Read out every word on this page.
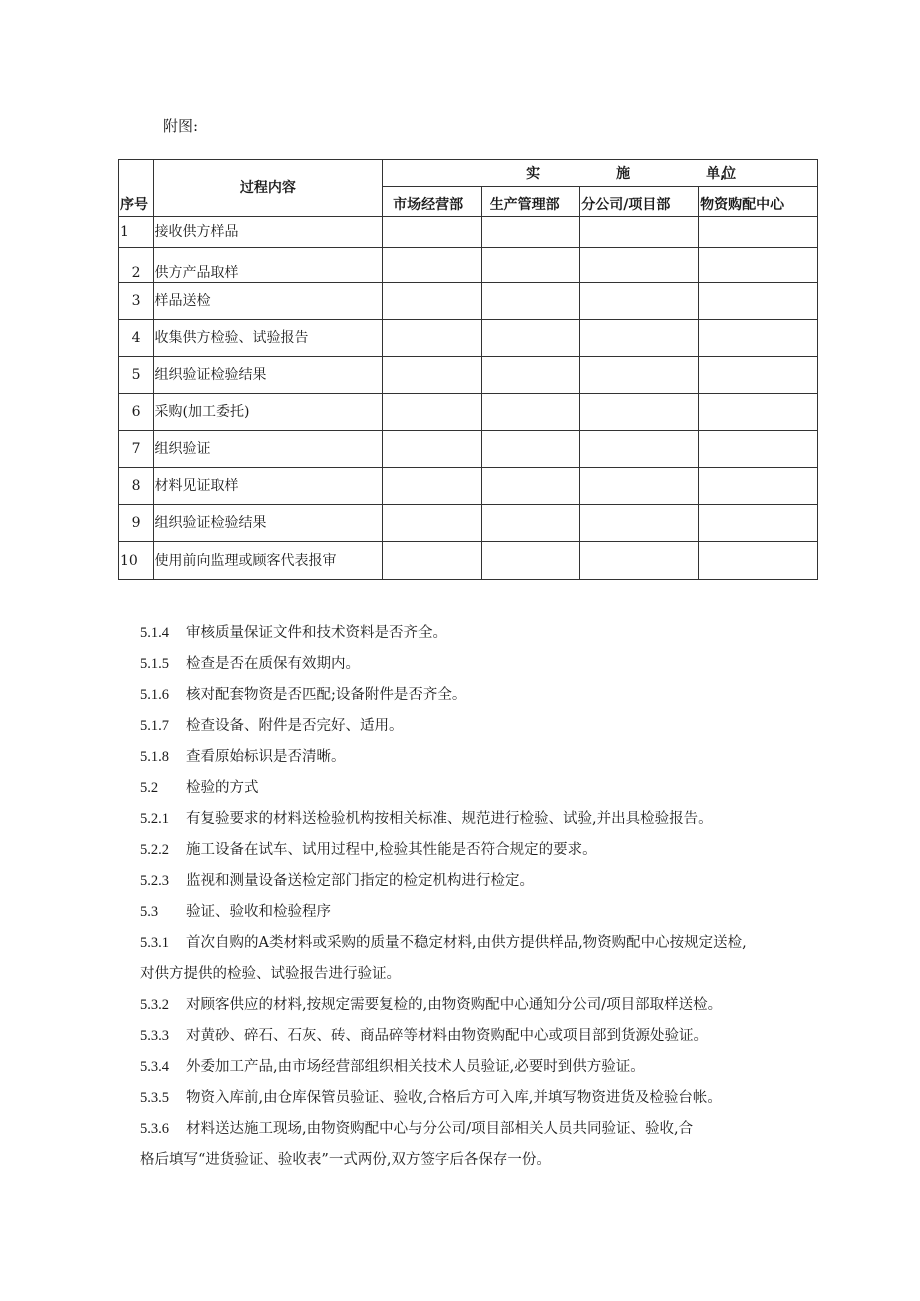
附图:
序号	过程内容	实 施 单,
位			

		市场经营部	生产管理部	分公司/项目部	物资购配中心
1	接收供方样品				
2	供方产品取样				
3	样品送检				
4	收集供方检验、试验报告				
5	组织验证检验结果				
6	采购(加工委托)				
7	组织验证				
8	材料见证取样				
9	组织验证检验结果				
10	使用前向监理或顾客代表报审				
5.1.4 审核质量保证文件和技术资料是否齐全。
5.1.5 检查是否在质保有效期内。
5.1.6 核对配套物资是否匹配;设备附件是否齐全。
5.1.7 检查设备、附件是否完好、适用。
5.1.8 查看原始标识是否清晰。
5.2 检验的方式
5.2.1 有复验要求的材料送检验机构按相关标准、规范进行检验、试验,并出具检验报告。
5.2.2 施工设备在试车、试用过程中,检验其性能是否符合规定的要求。
5.2.3 监视和测量设备送检定部门指定的检定机构进行检定。
5.3 验证、验收和检验程序
5.3.1 首次自购的A类材料或采购的质量不稳定材料,由供方提供样品,物资购配中心按规定送检,
对供方提供的检验、试验报告进行验证。
5.3.2 对顾客供应的材料,按规定需要复检的,由物资购配中心通知分公司/项目部取样送检。
5.3.3 对黄砂、碎石、石灰、砖、商品碎等材料由物资购配中心或项目部到货源处验证。
5.3.4 外委加工产品,由市场经营部组织相关技术人员验证,必要时到供方验证。
5.3.5 物资入库前,由仓库保管员验证、验收,合格后方可入库,并填写物资进货及检验台帐。
5.3.6 材料送达施工现场,由物资购配中心与分公司/项目部相关人员共同验证、验收,合
格后填写“进货验证、验收表”一式两份,双方签字后各保存一份。
